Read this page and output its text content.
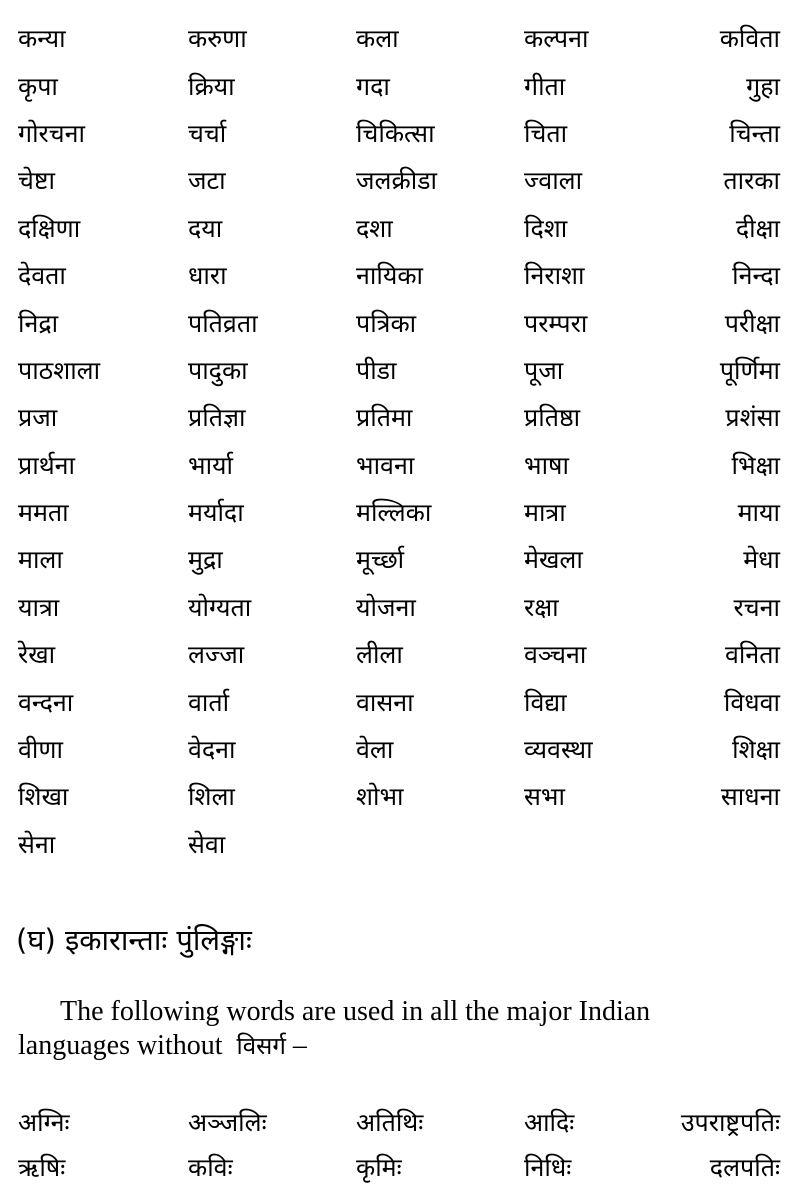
कन्या	करुणा	कला	कल्पना	कविता
कृपा	क्रिया	गदा	गीता	गुहा
गोरचना	चर्चा	चिकित्सा	चिता	चिन्ता
चेष्टा	जटा	जलक्रीडा	ज्वाला	तारका
दक्षिणा	दया	दशा	दिशा	दीक्षा
देवता	धारा	नायिका	निराशा	निन्दा
निद्रा	पतिव्रता	पत्रिका	परम्परा	परीक्षा
पाठशाला	पादुका	पीडा	पूजा	पूर्णिमा
प्रजा	प्रतिज्ञा	प्रतिमा	प्रतिष्ठा	प्रशंसा
प्रार्थना	भार्या	भावना	भाषा	भिक्षा
ममता	मर्यादा	मल्लिका	मात्रा	माया
माला	मुद्रा	मूर्च्छा	मेखला	मेधा
यात्रा	योग्यता	योजना	रक्षा	रचना
रेखा	लज्जा	लीला	वञ्चना	वनिता
वन्दना	वार्ता	वासना	विद्या	विधवा
वीणा	वेदना	वेला	व्यवस्था	शिक्षा
शिखा	शिला	शोभा	सभा	साधना
सेना	सेवा
(घ) इकारान्ताः पुंलिङ्गाः
The following words are used in all the major Indian
languages without विसर्ग –
अग्निः	अञ्जलिः	अतिथिः	आदिः	उपराष्ट्रपतिः
ऋषिः	कविः	कृमिः	निधिः	दलपतिः
